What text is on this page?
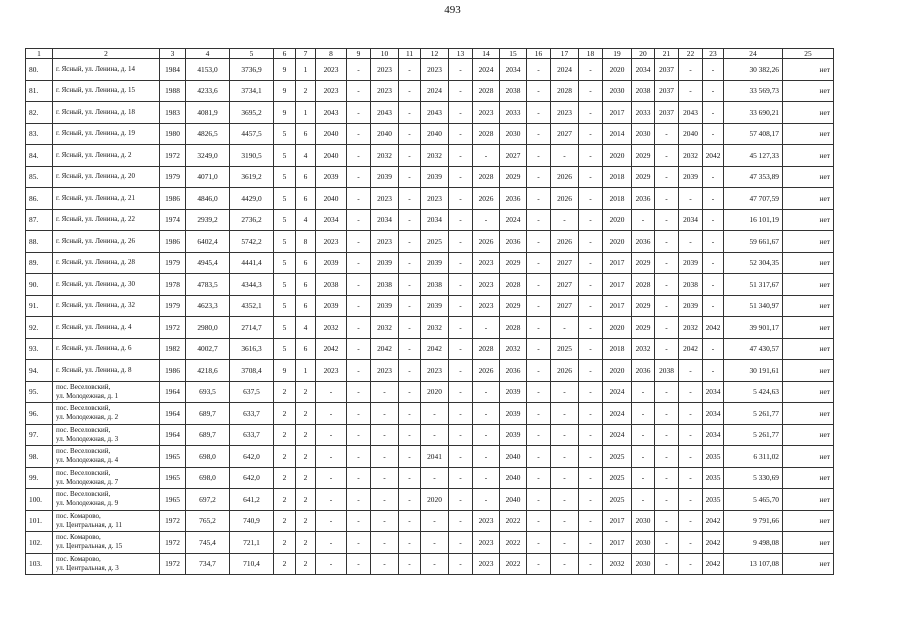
493
1	2	3	4	5	6	7	8	9	10	11	12	13	14	15	16	17	18	19	20	21	22	23	24	25
80.	г. Ясный, ул. Ленина, д. 14	1984	4153,0	3736,9	9	1	2023	-	2023	-	2023	-	2024	2034	-	2024	-	2020	2034	2037	-	-	30 382,26	нет
81.	г. Ясный, ул. Ленина, д. 15	1988	4233,6	3734,1	9	2	2023	-	2023	-	2024	-	2028	2038	-	2028	-	2030	2038	2037	-	-	33 569,73	нет
82.	г. Ясный, ул. Ленина, д. 18	1983	4081,9	3695,2	9	1	2043	-	2043	-	2043	-	2023	2033	-	2023	-	2017	2033	2037	2043	-	33 690,21	нет
83.	г. Ясный, ул. Ленина, д. 19	1980	4826,5	4457,5	5	6	2040	-	2040	-	2040	-	2028	2030	-	2027	-	2014	2030	-	2040	-	57 408,17	нет
84.	г. Ясный, ул. Ленина, д. 2	1972	3249,0	3190,5	5	4	2040	-	2032	-	2032	-	-	2027	-	-	-	2020	2029	-	2032	2042	45 127,33	нет
85.	г. Ясный, ул. Ленина, д. 20	1979	4071,0	3619,2	5	6	2039	-	2039	-	2039	-	2028	2029	-	2026	-	2018	2029	-	2039	-	47 353,89	нет
86.	г. Ясный, ул. Ленина, д. 21	1986	4846,0	4429,0	5	6	2040	-	2023	-	2023	-	2026	2036	-	2026	-	2018	2036	-	-	-	47 707,59	нет
87.	г. Ясный, ул. Ленина, д. 22	1974	2939,2	2736,2	5	4	2034	-	2034	-	2034	-	-	2024	-	-	-	2020	-	-	2034	-	16 101,19	нет
88.	г. Ясный, ул. Ленина, д. 26	1986	6402,4	5742,2	5	8	2023	-	2023	-	2025	-	2026	2036	-	2026	-	2020	2036	-	-	-	59 661,67	нет
89.	г. Ясный, ул. Ленина, д. 28	1979	4945,4	4441,4	5	6	2039	-	2039	-	2039	-	2023	2029	-	2027	-	2017	2029	-	2039	-	52 304,35	нет
90.	г. Ясный, ул. Ленина, д. 30	1978	4783,5	4344,3	5	6	2038	-	2038	-	2038	-	2023	2028	-	2027	-	2017	2028	-	2038	-	51 317,67	нет
91.	г. Ясный, ул. Ленина, д. 32	1979	4623,3	4352,1	5	6	2039	-	2039	-	2039	-	2023	2029	-	2027	-	2017	2029	-	2039	-	51 340,97	нет
92.	г. Ясный, ул. Ленина, д. 4	1972	2980,0	2714,7	5	4	2032	-	2032	-	2032	-	-	2028	-	-	-	2020	2029	-	2032	2042	39 901,17	нет
93.	г. Ясный, ул. Ленина, д. 6	1982	4002,7	3616,3	5	6	2042	-	2042	-	2042	-	2028	2032	-	2025	-	2018	2032	-	2042	-	47 430,57	нет
94.	г. Ясный, ул. Ленина, д. 8	1986	4218,6	3708,4	9	1	2023	-	2023	-	2023	-	2026	2036	-	2026	-	2020	2036	2038	-	-	30 191,61	нет
95.	пос. Веселовский,
ул. Молодежная, д. 1	1964	693,5	637,5	2	2	-	-	-	-	2020	-	-	2039	-	-	-	2024	-	-	-	2034	5 424,63	нет
96.	пос. Веселовский,
ул. Молодежная, д. 2	1964	689,7	633,7	2	2	-	-	-	-	-	-	-	2039	-	-	-	2024	-	-	-	2034	5 261,77	нет
97.	пос. Веселовский,
ул. Молодежная, д. 3	1964	689,7	633,7	2	2	-	-	-	-	-	-	-	2039	-	-	-	2024	-	-	-	2034	5 261,77	нет
98.	пос. Веселовский,
ул. Молодежная, д. 4	1965	698,0	642,0	2	2	-	-	-	-	2041	-	-	2040	-	-	-	2025	-	-	-	2035	6 311,02	нет
99.	пос. Веселовский,
ул. Молодежная, д. 7	1965	698,0	642,0	2	2	-	-	-	-	-	-	-	2040	-	-	-	2025	-	-	-	2035	5 330,69	нет
100.	пос. Веселовский,
ул. Молодежная, д. 9	1965	697,2	641,2	2	2	-	-	-	-	2020	-	-	2040	-	-	-	2025	-	-	-	2035	5 465,70	нет
101.	пос. Комарово,
ул. Центральная, д. 11	1972	765,2	740,9	2	2	-	-	-	-	-	-	2023	2022	-	-	-	2017	2030	-	-	2042	9 791,66	нет
102.	пос. Комарово,
ул. Центральная, д. 15	1972	745,4	721,1	2	2	-	-	-	-	-	-	2023	2022	-	-	-	2017	2030	-	-	2042	9 498,08	нет
103.	пос. Комарово,
ул. Центральная, д. 3	1972	734,7	710,4	2	2	-	-	-	-	-	-	2023	2022	-	-	-	2032	2030	-	-	2042	13 107,08	нет
